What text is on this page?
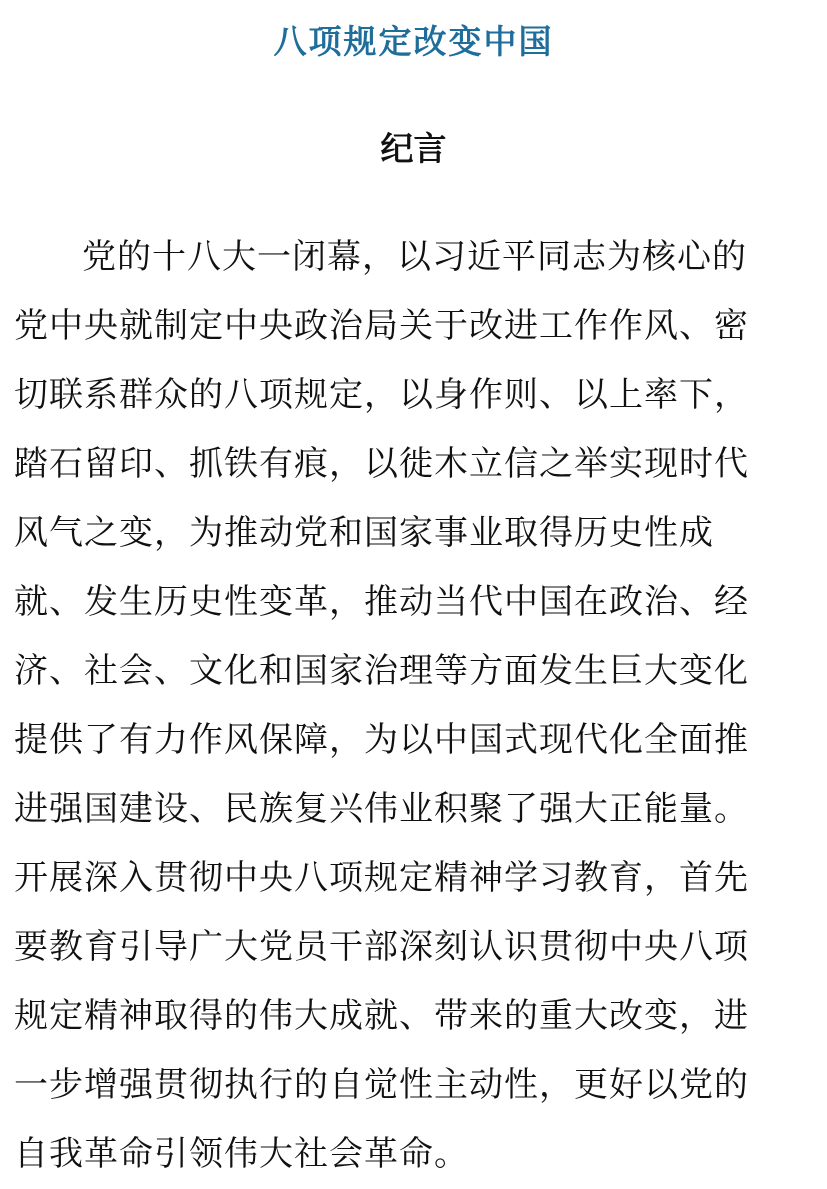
八项规定改变中国
纪言
党的十八大一闭幕，以习近平同志为核心的
党中央就制定中央政治局关于改进工作作风、密
切联系群众的八项规定，以身作则、以上率下，
踏石留印、抓铁有痕，以徙木立信之举实现时代
风气之变，为推动党和国家事业取得历史性成
就、发生历史性变革，推动当代中国在政治、经
济、社会、文化和国家治理等方面发生巨大变化
提供了有力作风保障，为以中国式现代化全面推
进强国建设、民族复兴伟业积聚了强大正能量。
开展深入贯彻中央八项规定精神学习教育，首先
要教育引导广大党员干部深刻认识贯彻中央八项
规定精神取得的伟大成就、带来的重大改变，进
一步增强贯彻执行的自觉性主动性，更好以党的
自我革命引领伟大社会革命。
